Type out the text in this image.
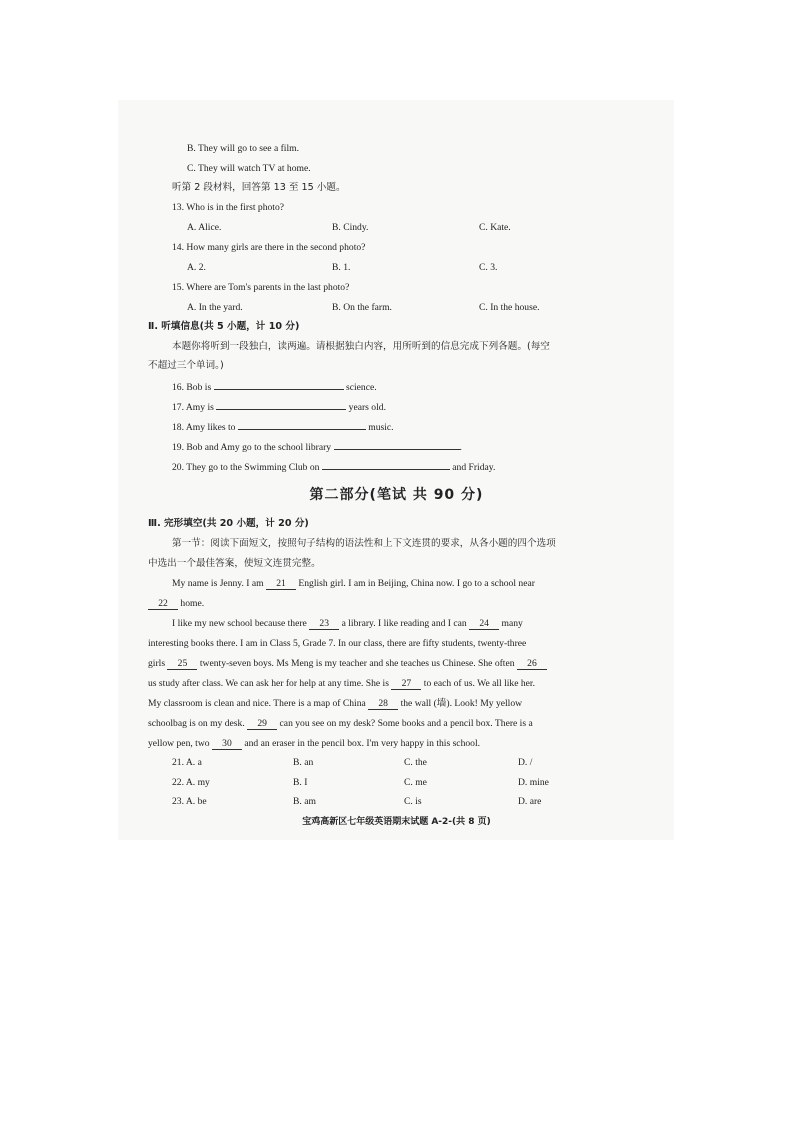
B. They will go to see a film.
C. They will watch TV at home.
听第 2 段材料，回答第 13 至 15 小题。
13. Who is in the first photo?
A. Alice.	B. Cindy.	C. Kate.
14. How many girls are there in the second photo?
A. 2.	B. 1.	C. 3.
15. Where are Tom's parents in the last photo?
A. In the yard.	B. On the farm.	C. In the house.
Ⅱ. 听填信息(共 5 小题，计 10 分)
本题你将听到一段独白，读两遍。请根据独白内容，用所听到的信息完成下列各题。(每空
不超过三个单词。)
16. Bob is	science.
17. Amy is	years old.
18. Amy likes to	music.
19. Bob and Amy go to the school library	.
20. They go to the Swimming Club on	and Friday.
第二部分(笔试 共 90 分)
Ⅲ. 完形填空(共 20 小题，计 20 分)
第一节：阅读下面短文，按照句子结构的语法性和上下文连贯的要求，从各小题的四个选项
中选出一个最佳答案，使短文连贯完整。
My name is Jenny. I am 21 English girl. I am in Beijing, China now. I go to a school near
22 home.
I like my new school because there 23 a library. I like reading and I can 24 many
interesting books there. I am in Class 5, Grade 7. In our class, there are fifty students, twenty-three
girls 25 twenty-seven boys. Ms Meng is my teacher and she teaches us Chinese. She often 26
us study after class. We can ask her for help at any time. She is 27 to each of us. We all like her.
My classroom is clean and nice. There is a map of China 28 the wall (墙). Look! My yellow
schoolbag is on my desk. 29 can you see on my desk? Some books and a pencil box. There is a
yellow pen, two 30 and an eraser in the pencil box. I'm very happy in this school.
21. A. a	B. an	C. the	D. /
22. A. my	B. I	C. me	D. mine
23. A. be	B. am	C. is	D. are
宝鸡高新区七年级英语期末试题 A-2-(共 8 页)
